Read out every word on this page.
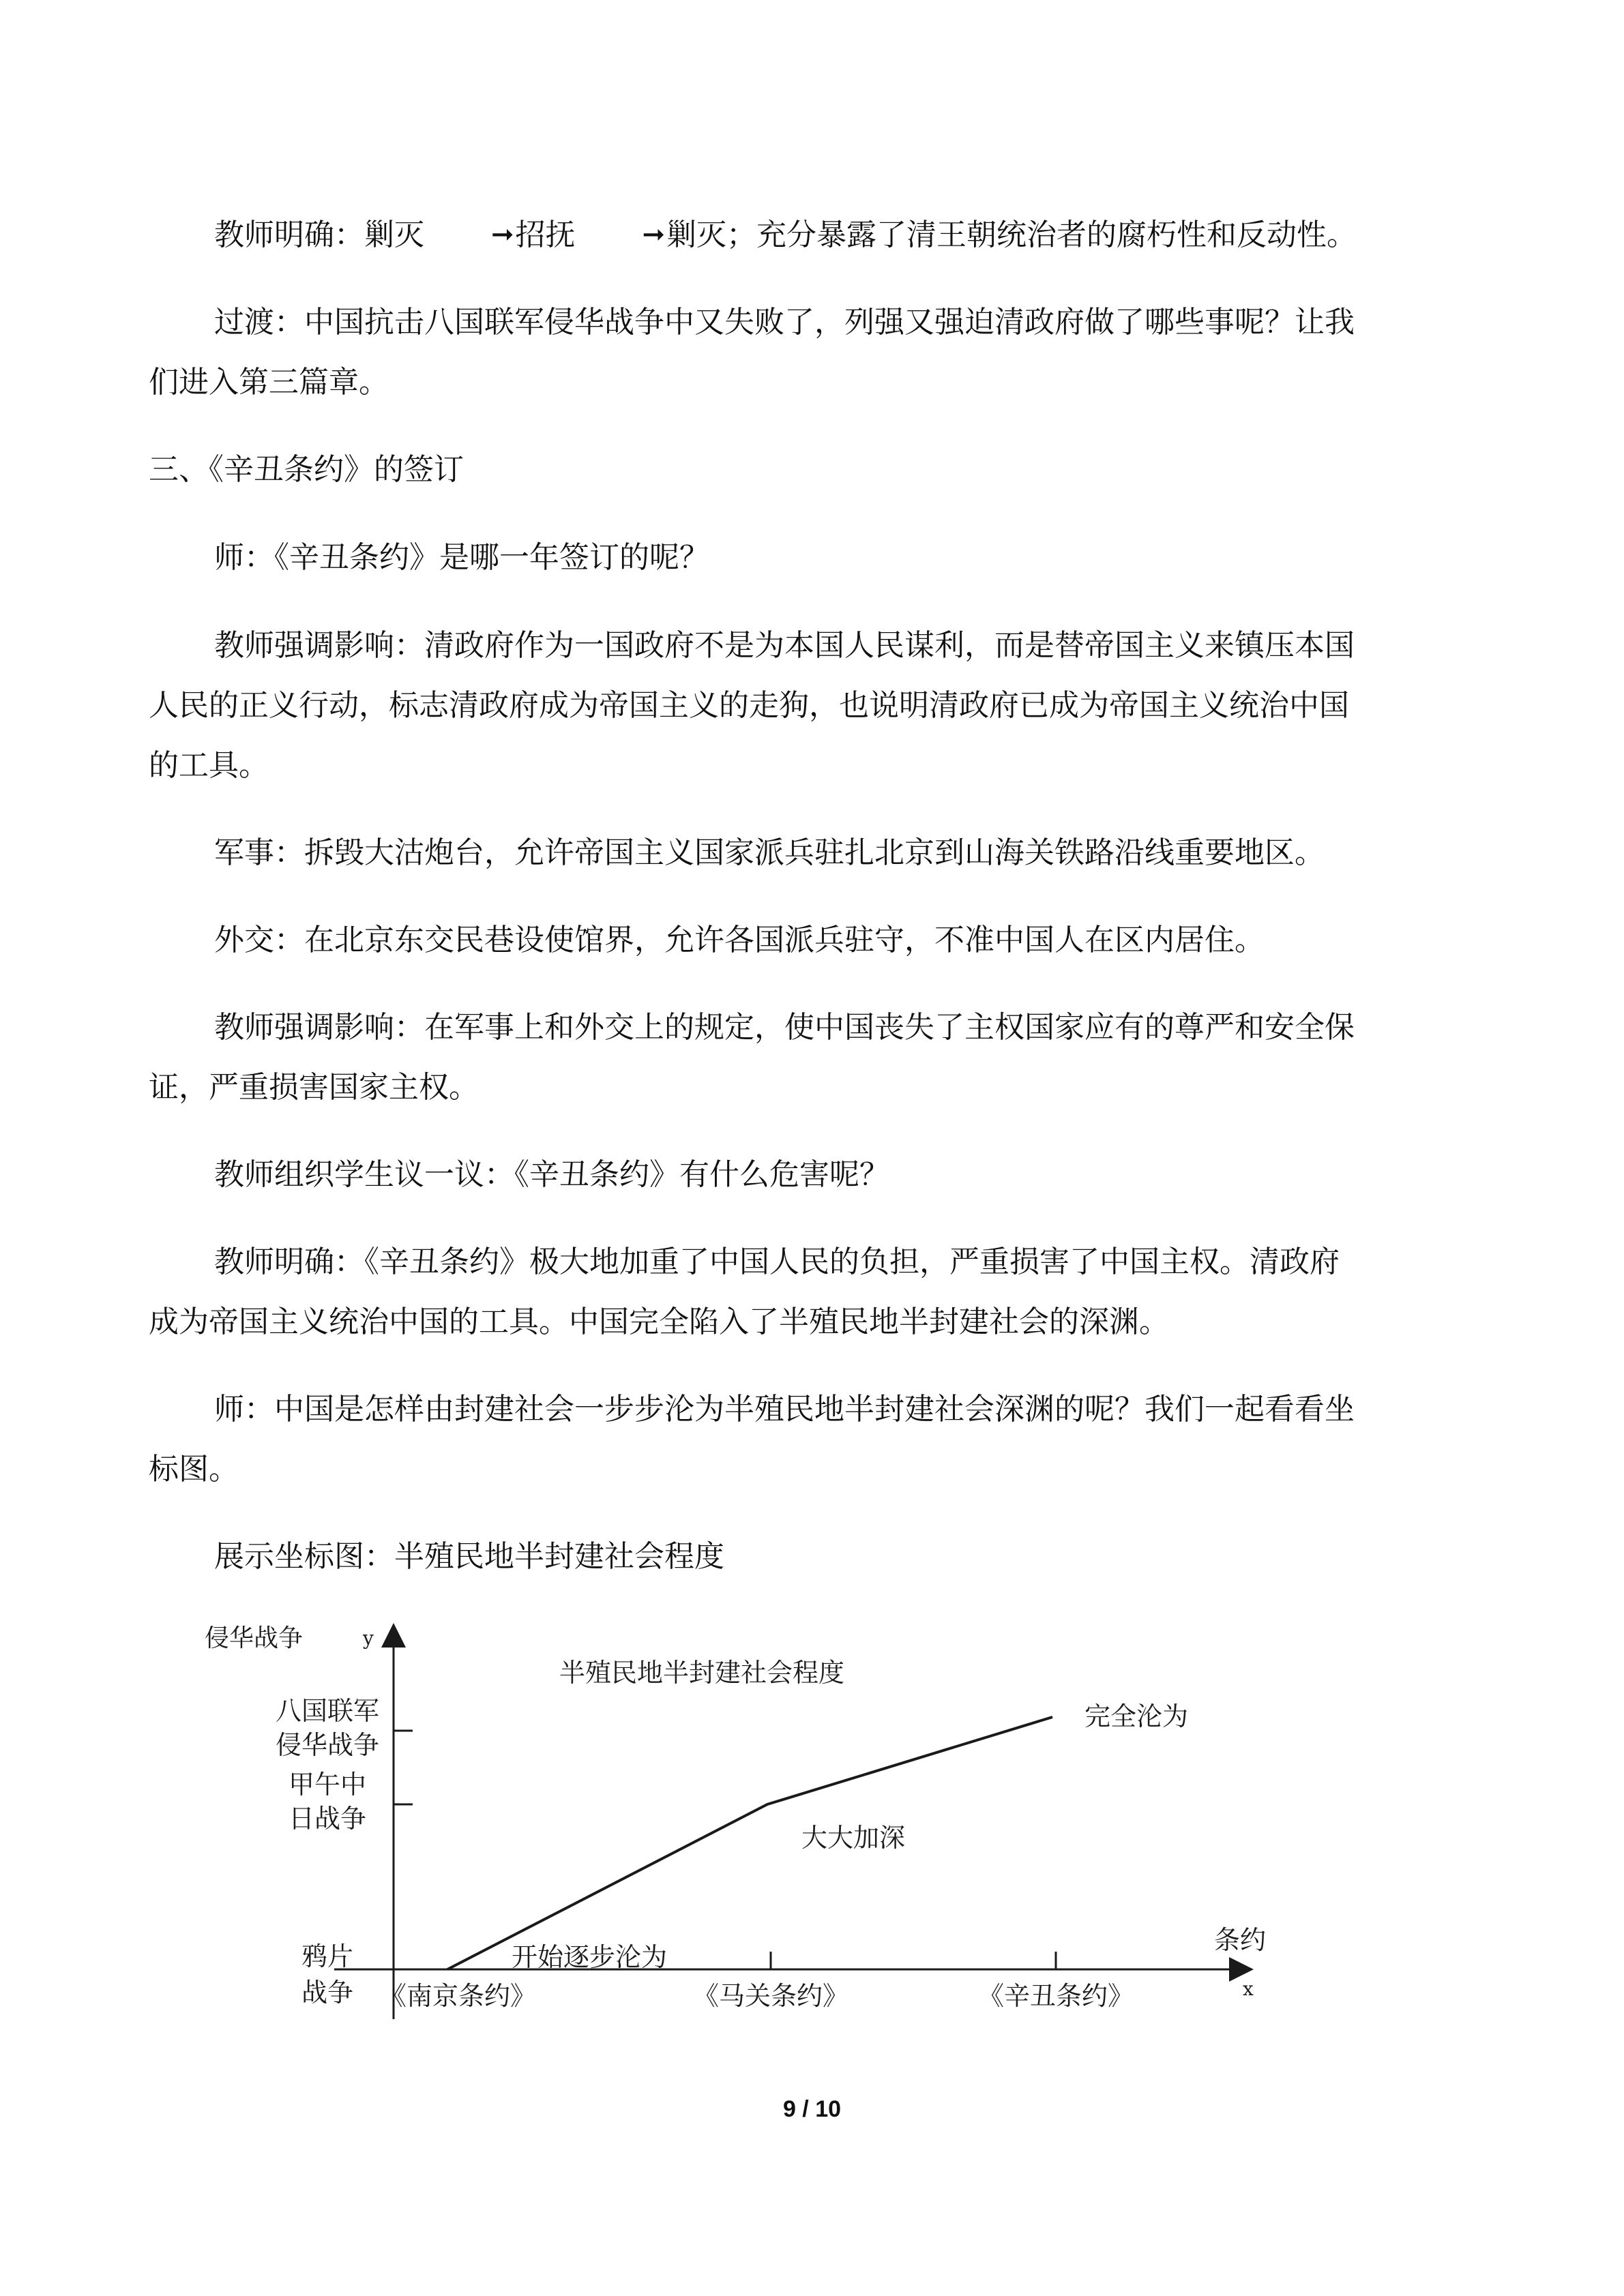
教师明确：剿灭 ➞招抚 ➞剿灭；充分暴露了清王朝统治者的腐朽性和反动性。

过渡：中国抗击八国联军侵华战争中又失败了，列强又强迫清政府做了哪些事呢？让我

们进入第三篇章。

三、《辛丑条约》的签订

师：《辛丑条约》是哪一年签订的呢？

教师强调影响：清政府作为一国政府不是为本国人民谋利，而是替帝国主义来镇压本国

人民的正义行动，标志清政府成为帝国主义的走狗，也说明清政府已成为帝国主义统治中国

的工具。

军事：拆毁大沽炮台，允许帝国主义国家派兵驻扎北京到山海关铁路沿线重要地区。

外交：在北京东交民巷设使馆界，允许各国派兵驻守，不准中国人在区内居住。

教师强调影响：在军事上和外交上的规定，使中国丧失了主权国家应有的尊严和安全保

证，严重损害国家主权。

教师组织学生议一议：《辛丑条约》有什么危害呢？

教师明确：《辛丑条约》极大地加重了中国人民的负担，严重损害了中国主权。清政府

成为帝国主义统治中国的工具。中国完全陷入了半殖民地半封建社会的深渊。

师：中国是怎样由封建社会一步步沦为半殖民地半封建社会深渊的呢？我们一起看看坐

标图。

展示坐标图：半殖民地半封建社会程度

侵华战争	y
条约
x
半殖民地半封建社会程度
鸦片
战争
甲午中
日战争
八国联军
侵华战争
《南京条约》	《马关条约》	《辛丑条约》
开始逐步沦为
大大加深
完全沦为
9 / 10
